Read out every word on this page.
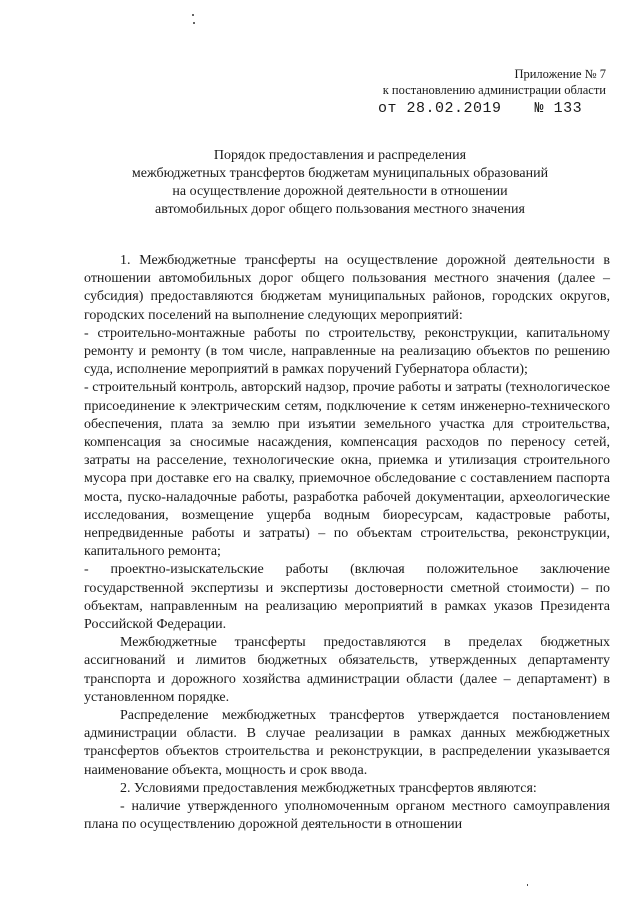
Приложение № 7
к постановлению администрации области
от 28.02.2019 № 133
Порядок предоставления и распределения
межбюджетных трансфертов бюджетам муниципальных образований
на осуществление дорожной деятельности в отношении
автомобильных дорог общего пользования местного значения

1. Межбюджетные трансферты на осуществление дорожной деятельности в отношении автомобильных дорог общего пользования местного значения (далее – субсидия) предоставляются бюджетам муниципальных районов, городских округов, городских поселений на выполнение следующих мероприятий:

- строительно-монтажные работы по строительству, реконструкции, капитальному ремонту и ремонту (в том числе, направленные на реализацию объектов по решению суда, исполнение мероприятий в рамках поручений Губернатора области);

- строительный контроль, авторский надзор, прочие работы и затраты (технологическое присоединение к электрическим сетям, подключение к сетям инженерно-технического обеспечения, плата за землю при изъятии земельного участка для строительства, компенсация за сносимые насаждения, компенсация расходов по переносу сетей, затраты на расселение, технологические окна, приемка и утилизация строительного мусора при доставке его на свалку, приемочное обследование с составлением паспорта моста, пуско-наладочные работы, разработка рабочей документации, археологические исследования, возмещение ущерба водным биоресурсам, кадастровые работы, непредвиденные работы и затраты) – по объектам строительства, реконструкции, капитального ремонта;

- проектно-изыскательские работы (включая положительное заключение государственной экспертизы и экспертизы достоверности сметной стоимости) – по объектам, направленным на реализацию мероприятий в рамках указов Президента Российской Федерации.

Межбюджетные трансферты предоставляются в пределах бюджетных ассигнований и лимитов бюджетных обязательств, утвержденных департаменту транспорта и дорожного хозяйства администрации области (далее – департамент) в установленном порядке.

Распределение межбюджетных трансфертов утверждается постановлением администрации области. В случае реализации в рамках данных межбюджетных трансфертов объектов строительства и реконструкции, в распределении указывается наименование объекта, мощность и срок ввода.

2. Условиями предоставления межбюджетных трансфертов являются:

- наличие утвержденного уполномоченным органом местного самоуправления плана по осуществлению дорожной деятельности в отношении
